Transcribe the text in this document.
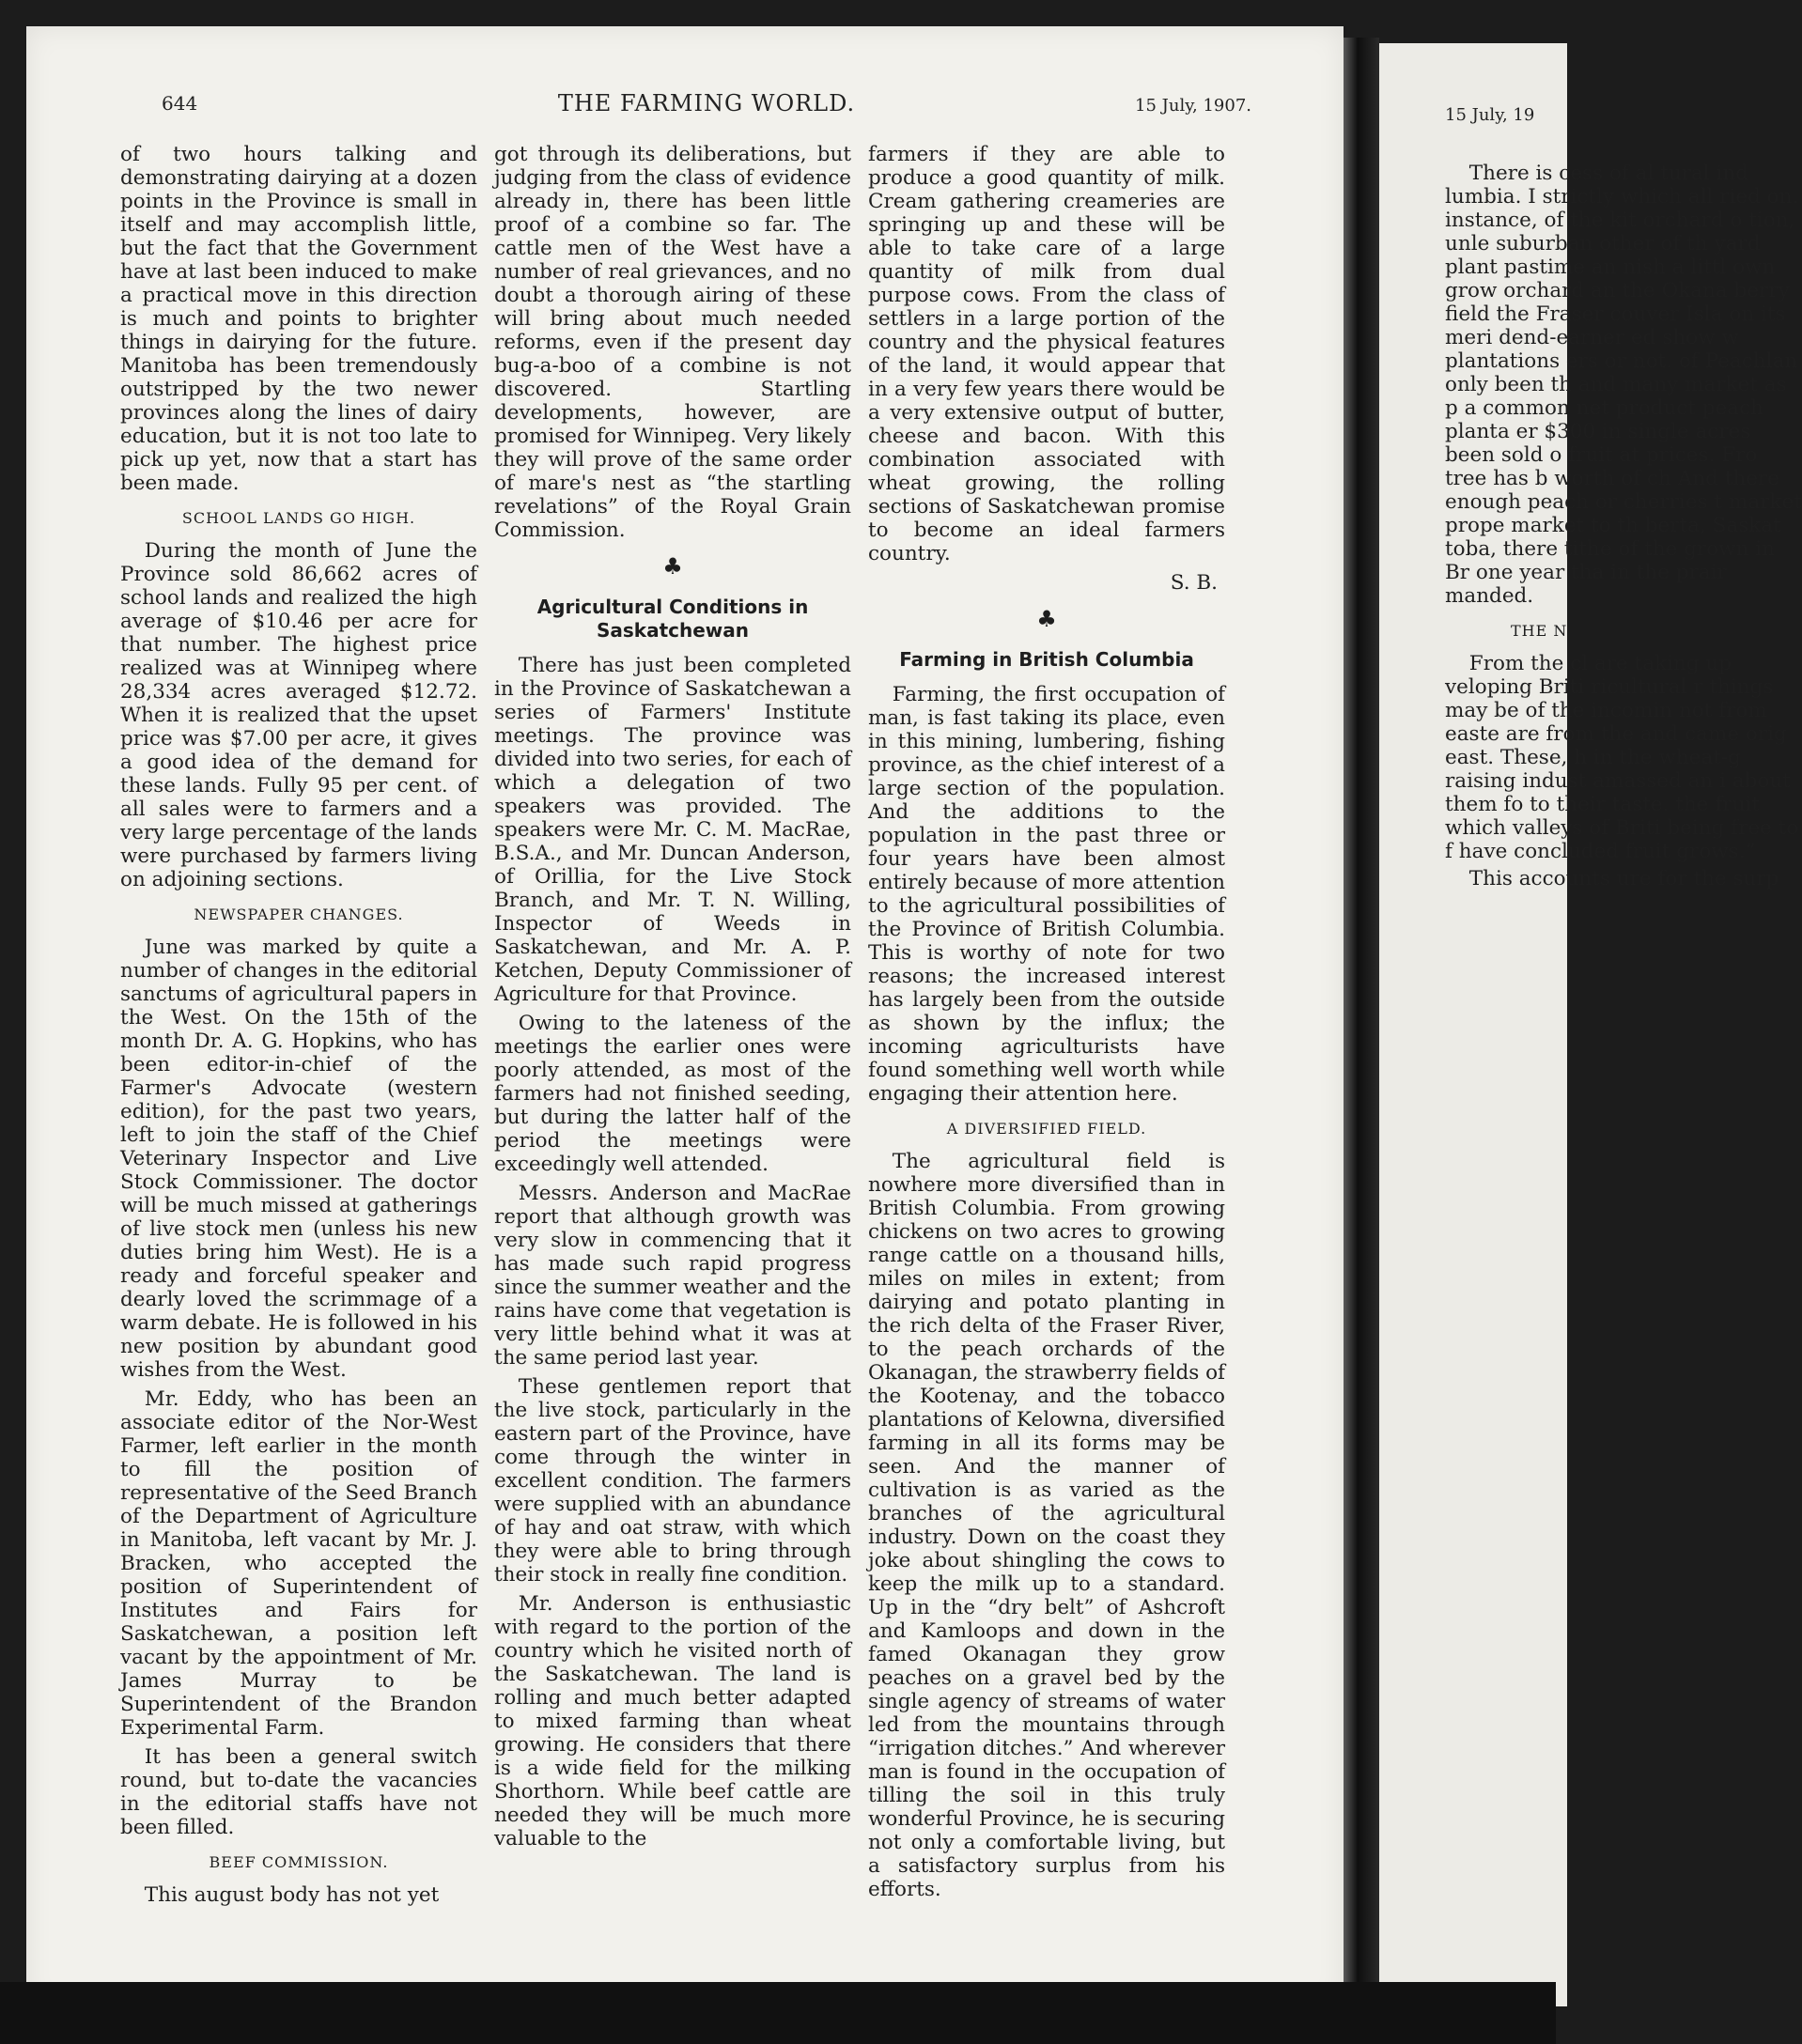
15 July, 19

There is cess of al tural ind lumbia. I strictly which all ried on. instance, of the kit orchard o tion, unle suburban other of th yard plant pastime an nish a littl own grow orchard an the Okana berry field the Fraser couver Isla on its meri dend-earner ed show w plantations ers or not. of Peachlan only been th and many market as p a common net product peach planta er $300 in single acres been sold o fruit at prices. Fro tree has b worth of ch And there enough peach or cherries t market prope market to th berta, Saskat toba, there tithe of the grown in Br one year tha in the prair manded.

THE N

From the cl are taking up veloping Briti ricultural r things may be of the incomin not from easte are from the and came orig east. These, h in the wheat-g raising indust amassed an i about them fo to their taste. the fruit which valleys of Briti being free to f have concluded fruit grows.”

This accounts ure for the surp

644	THE FARMING WORLD.	15 July, 1907.

of two hours talking and demonstrating dairying at a dozen points in the Province is small in itself and may accomplish little, but the fact that the Government have at last been induced to make a practical move in this direction is much and points to brighter things in dairying for the future. Manitoba has been tremendously outstripped by the two newer provinces along the lines of dairy education, but it is not too late to pick up yet, now that a start has been made.

SCHOOL LANDS GO HIGH.

During the month of June the Province sold 86,662 acres of school lands and realized the high average of $10.46 per acre for that number. The highest price realized was at Winnipeg where 28,334 acres averaged $12.72. When it is realized that the upset price was $7.00 per acre, it gives a good idea of the demand for these lands. Fully 95 per cent. of all sales were to farmers and a very large percentage of the lands were purchased by farmers living on adjoining sections.

NEWSPAPER CHANGES.

June was marked by quite a number of changes in the editorial sanctums of agricultural papers in the West. On the 15th of the month Dr. A. G. Hopkins, who has been editor-in-chief of the Farmer's Advocate (western edition), for the past two years, left to join the staff of the Chief Veterinary Inspector and Live Stock Commissioner. The doctor will be much missed at gatherings of live stock men (unless his new duties bring him West). He is a ready and forceful speaker and dearly loved the scrimmage of a warm debate. He is followed in his new position by abundant good wishes from the West.

Mr. Eddy, who has been an associate editor of the Nor-West Farmer, left earlier in the month to fill the position of representative of the Seed Branch of the Department of Agriculture in Manitoba, left vacant by Mr. J. Bracken, who accepted the position of Superintendent of Institutes and Fairs for Saskatchewan, a position left vacant by the appointment of Mr. James Murray to be Superintendent of the Brandon Experimental Farm.

It has been a general switch round, but to-date the vacancies in the editorial staffs have not been filled.

BEEF COMMISSION.

This august body has not yet

got through its deliberations, but judging from the class of evidence already in, there has been little proof of a combine so far. The cattle men of the West have a number of real grievances, and no doubt a thorough airing of these will bring about much needed reforms, even if the present day bug-a-boo of a combine is not discovered. Startling developments, however, are promised for Winnipeg. Very likely they will prove of the same order of mare's nest as “the startling revelations” of the Royal Grain Commission.

♣
Agricultural Conditions in Saskatchewan

There has just been completed in the Province of Saskatchewan a series of Farmers' Institute meetings. The province was divided into two series, for each of which a delegation of two speakers was provided. The speakers were Mr. C. M. MacRae, B.S.A., and Mr. Duncan Anderson, of Orillia, for the Live Stock Branch, and Mr. T. N. Willing, Inspector of Weeds in Saskatchewan, and Mr. A. P. Ketchen, Deputy Commissioner of Agriculture for that Province.

Owing to the lateness of the meetings the earlier ones were poorly attended, as most of the farmers had not finished seeding, but during the latter half of the period the meetings were exceedingly well attended.

Messrs. Anderson and MacRae report that although growth was very slow in commencing that it has made such rapid progress since the summer weather and the rains have come that vegetation is very little behind what it was at the same period last year.

These gentlemen report that the live stock, particularly in the eastern part of the Province, have come through the winter in excellent condition. The farmers were supplied with an abundance of hay and oat straw, with which they were able to bring through their stock in really fine condition.

Mr. Anderson is enthusiastic with regard to the portion of the country which he visited north of the Saskatchewan. The land is rolling and much better adapted to mixed farming than wheat growing. He considers that there is a wide field for the milking Shorthorn. While beef cattle are needed they will be much more valuable to the

farmers if they are able to produce a good quantity of milk. Cream gathering creameries are springing up and these will be able to take care of a large quantity of milk from dual purpose cows. From the class of settlers in a large portion of the country and the physical features of the land, it would appear that in a very few years there would be a very extensive output of butter, cheese and bacon. With this combination associated with wheat growing, the rolling sections of Saskatchewan promise to become an ideal farmers country.

S. B.
♣
Farming in British Columbia

Farming, the first occupation of man, is fast taking its place, even in this mining, lumbering, fishing province, as the chief interest of a large section of the population. And the additions to the population in the past three or four years have been almost entirely because of more attention to the agricultural possibilities of the Province of British Columbia. This is worthy of note for two reasons; the increased interest has largely been from the outside as shown by the influx; the incoming agriculturists have found something well worth while engaging their attention here.

A DIVERSIFIED FIELD.

The agricultural field is nowhere more diversified than in British Columbia. From growing chickens on two acres to growing range cattle on a thousand hills, miles on miles in extent; from dairying and potato planting in the rich delta of the Fraser River, to the peach orchards of the Okanagan, the strawberry fields of the Kootenay, and the tobacco plantations of Kelowna, diversified farming in all its forms may be seen. And the manner of cultivation is as varied as the branches of the agricultural industry. Down on the coast they joke about shingling the cows to keep the milk up to a standard. Up in the “dry belt” of Ashcroft and Kamloops and down in the famed Okanagan they grow peaches on a gravel bed by the single agency of streams of water led from the mountains through “irrigation ditches.” And wherever man is found in the occupation of tilling the soil in this truly wonderful Province, he is securing not only a comfortable living, but a satisfactory surplus from his efforts.
